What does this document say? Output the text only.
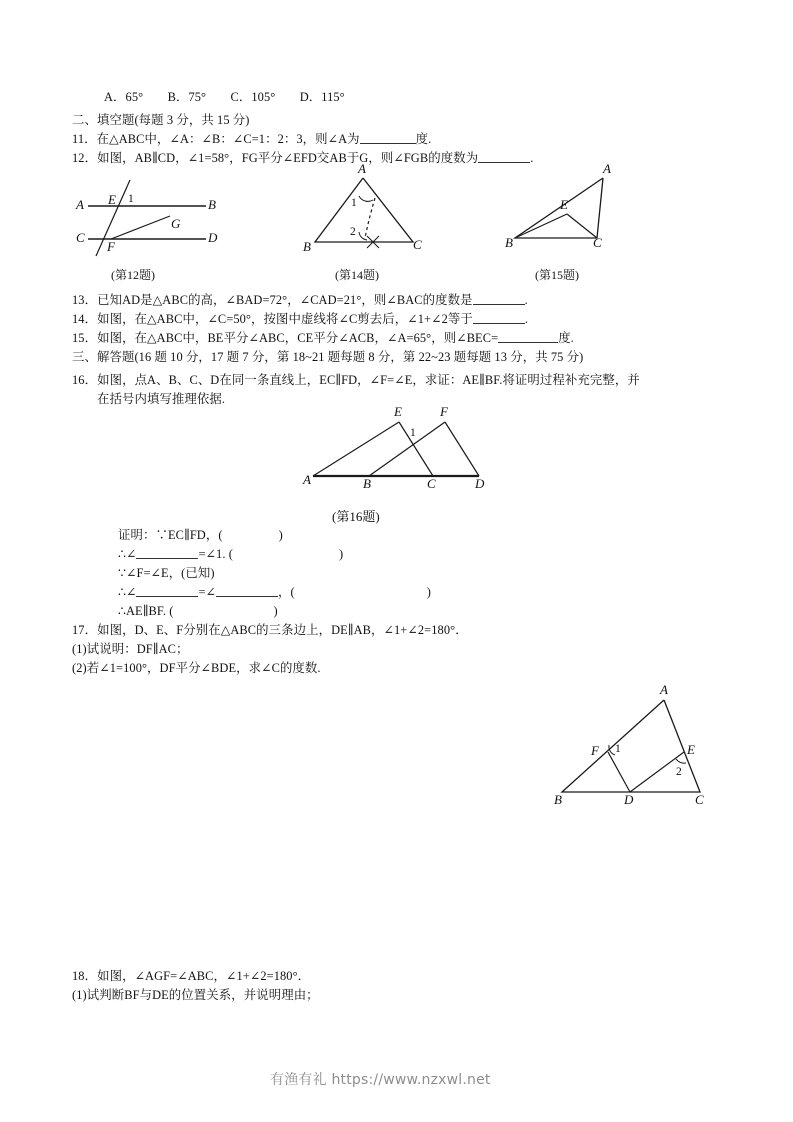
A．65° B．75° C．105° D．115°
二、填空题(每题 3 分，共 15 分)
11．在△ABC中，∠A：∠B：∠C=1：2：3，则∠A为	度.
12．如图，AB∥CD，∠1=58°，FG平分∠EFD交AB于G，则∠FGB的度数为	.
A	B
C	D
E
F
G
1
(第12题)
A
B	C
1
2
(第14题)
A
B	C
E
(第15题)
13．已知AD是△ABC的高，∠BAD=72°，∠CAD=21°，则∠BAC的度数是	.
14．如图，在△ABC中，∠C=50°，按图中虚线将∠C剪去后，∠1+∠2等于	.
15．如图，在△ABC中，BE平分∠ABC，CE平分∠ACB，∠A=65°，则∠BEC=	度.
三、解答题(16 题 10 分，17 题 7 分，第 18~21 题每题 8 分，第 22~23 题每题 13 分，共 75 分)
16．如图，点A、B、C、D在同一条直线上，EC∥FD，∠F=∠E，求证：AE∥BF.将证明过程补充完整，并
在括号内填写推理依据.
A	B	C	D
E	F
1
(第16题)
证明：∵EC∥FD，(	)
∴∠	=∠1. (	)
∵∠F=∠E，(已知)
∴∠	=∠	，(	)
∴AE∥BF. (	)
17．如图，D、E、F分别在△ABC的三条边上，DE∥AB，∠1+∠2=180°．
(1)试说明：DF∥AC；
(2)若∠1=100°，DF平分∠BDE，求∠C的度数.
A
B	C
D
E
F 1
2
18．如图，∠AGF=∠ABC，∠1+∠2=180°．
(1)试判断BF与DE的位置关系，并说明理由；
有渔有礼 https://www.nzxwl.net
